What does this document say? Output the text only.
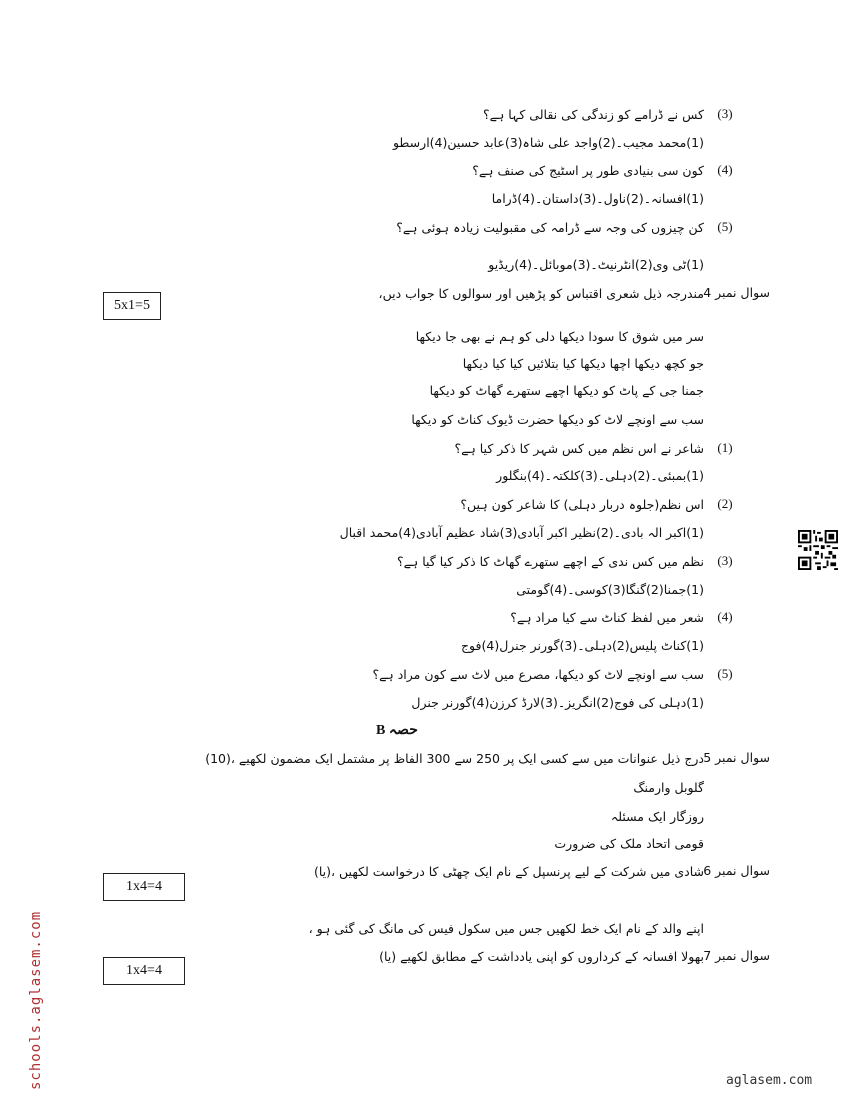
(3)
کس نے ڈرامے کو زندگی کی نقالی کہا ہے؟
(1)محمد مجیب۔(2)واجد علی شاہ(3)عابد حسین(4)ارسطو
(4)
کون سی بنیادی طور پر اسٹیج کی صنف ہے؟
(1)افسانہ۔(2)ناول۔(3)داستان۔(4)ڈراما
(5)
کن چیزوں کی وجہ سے ڈرامہ کی مقبولیت زیادہ ہوئی ہے؟
(1)ٹی وی(2)انٹرنیٹ۔(3)موبائل۔(4)ریڈیو
سوال نمبر 4
5x1=5
مندرجہ ذیل شعری اقتباس کو پڑھیں اور سوالوں کا جواب دیں،
سر میں شوق کا سودا دیکھا دلی کو ہم نے بھی جا دیکھا
جو کچھ دیکھا اچھا دیکھا کیا بتلائیں کیا کیا دیکھا
جمنا جی کے پاٹ کو دیکھا اچھے ستھرے گھاٹ کو دیکھا
سب سے اونچے لاٹ کو دیکھا حضرت ڈیوک کناٹ کو دیکھا
(1)
شاعر نے اس نظم میں کس شہر کا ذکر کیا ہے؟
(1)بمبئی۔(2)دہلی۔(3)کلکتہ۔(4)بنگلور
(2)
اس نظم(جلوہ دربار دہلی) کا شاعر کون ہیں؟
(1)اکبر الہ بادی۔(2)نظیر اکبر آبادی(3)شاد عظیم آبادی(4)محمد اقبال
(3)
نظم میں کس ندی کے اچھے ستھرے گھاٹ کا ذکر کیا گیا ہے؟
(1)جمنا(2)گنگا(3)کوسی۔(4)گومتی
(4)
شعر میں لفظ کناٹ سے کیا مراد ہے؟
(1)کناٹ پلیس(2)دہلی۔(3)گورنر جنرل(4)فوج
(5)
سب سے اونچے لاٹ کو دیکھا، مصرع میں لاٹ سے کون مراد ہے؟
(1)دہلی کی فوج(2)انگریز۔(3)لارڈ کرزن(4)گورنر جنرل
حصہ B
سوال نمبر 5
درج ذیل عنوانات میں سے کسی ایک پر 250 سے 300 الفاظ پر مشتمل ایک مضمون لکھیے ،(10)
گلوبل وارمنگ
روزگار ایک مسئلہ
قومی اتحاد ملک کی ضرورت
سوال نمبر 6
1x4=4
شادی میں شرکت کے لیے پرنسپل کے نام ایک چھٹی کا درخواست لکھیں ،(یا)
اپنے والد کے نام ایک خط لکھیں جس میں سکول فیس کی مانگ کی گئی ہو ،
سوال نمبر 7
1x4=4
بھولا افسانہ کے کرداروں کو اپنی یادداشت کے مطابق لکھیے (یا)
schools.aglasem.com	aglasem.com
